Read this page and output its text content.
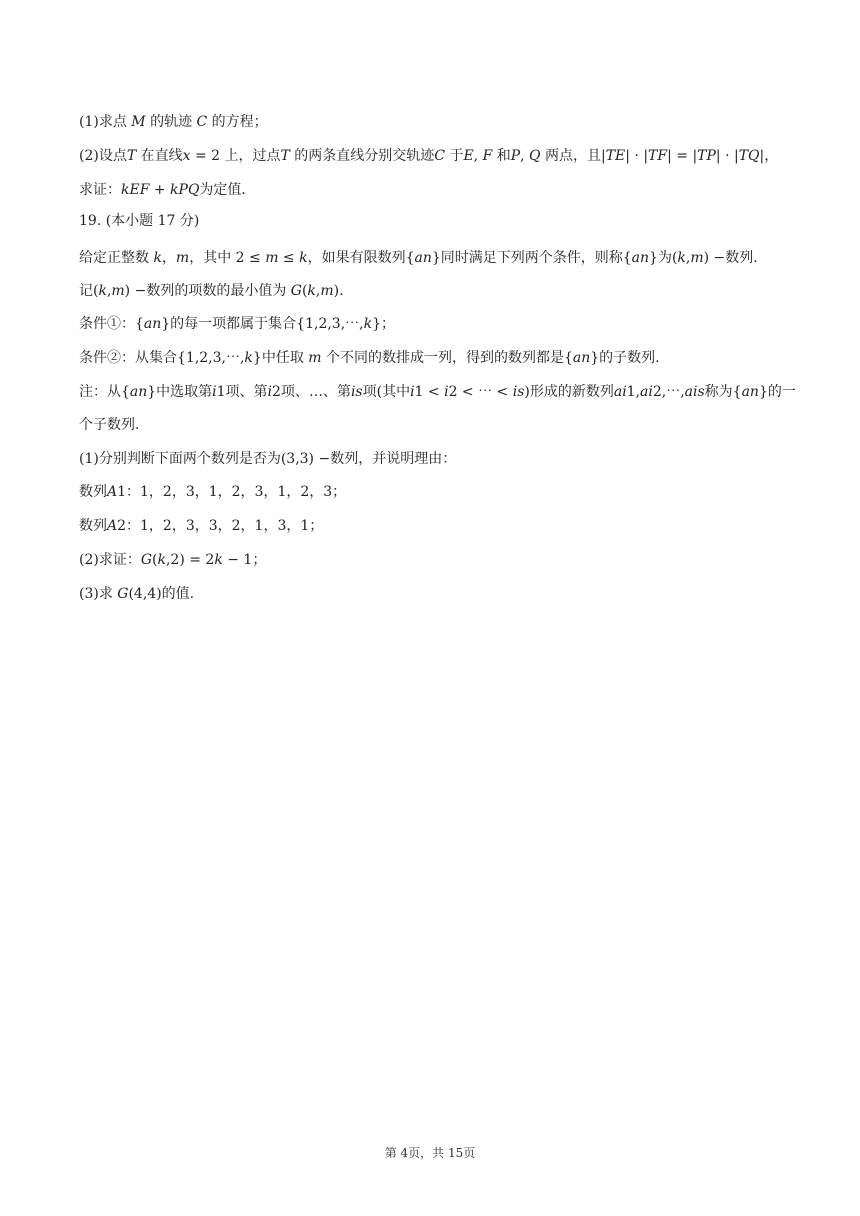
(1)求点 𝑀 的轨迹 𝐶 的方程；
(2)设点𝑇 在直线𝑥 = 2 上，过点𝑇 的两条直线分别交轨迹𝐶 于𝐸, 𝐹 和𝑃, 𝑄 两点，且|𝑇𝐸| · |𝑇𝐹| = |𝑇𝑃| · |𝑇𝑄|，
求证：𝑘𝐸𝐹 + 𝑘𝑃𝑄为定值．
19. (本小题 17 分)
给定正整数 𝑘，𝑚，其中 2 ≤ 𝑚 ≤ 𝑘，如果有限数列{𝑎𝑛}同时满足下列两个条件，则称{𝑎𝑛}为(𝑘,𝑚) −数列.
记(𝑘,𝑚) −数列的项数的最小值为 𝐺(𝑘,𝑚).
条件①：{𝑎𝑛}的每一项都属于集合{1,2,3,⋯,𝑘}；
条件②：从集合{1,2,3,⋯,𝑘}中任取 𝑚 个不同的数排成一列，得到的数列都是{𝑎𝑛}的子数列.
注：从{𝑎𝑛}中选取第𝑖1项、第𝑖2项、…、第𝑖𝑠项(其中𝑖1 < 𝑖2 < ⋯ < 𝑖𝑠)形成的新数列𝑎𝑖1,𝑎𝑖2,⋯,𝑎𝑖𝑠称为{𝑎𝑛}的一
个子数列.
(1)分别判断下面两个数列是否为(3,3) −数列，并说明理由：
数列𝐴1：1，2，3，1，2，3，1，2，3；
数列𝐴2：1，2，3，3，2，1，3，1；
(2)求证：𝐺(𝑘,2) = 2𝑘 − 1；
(3)求 𝐺(4,4)的值.
第 4页，共 15页
